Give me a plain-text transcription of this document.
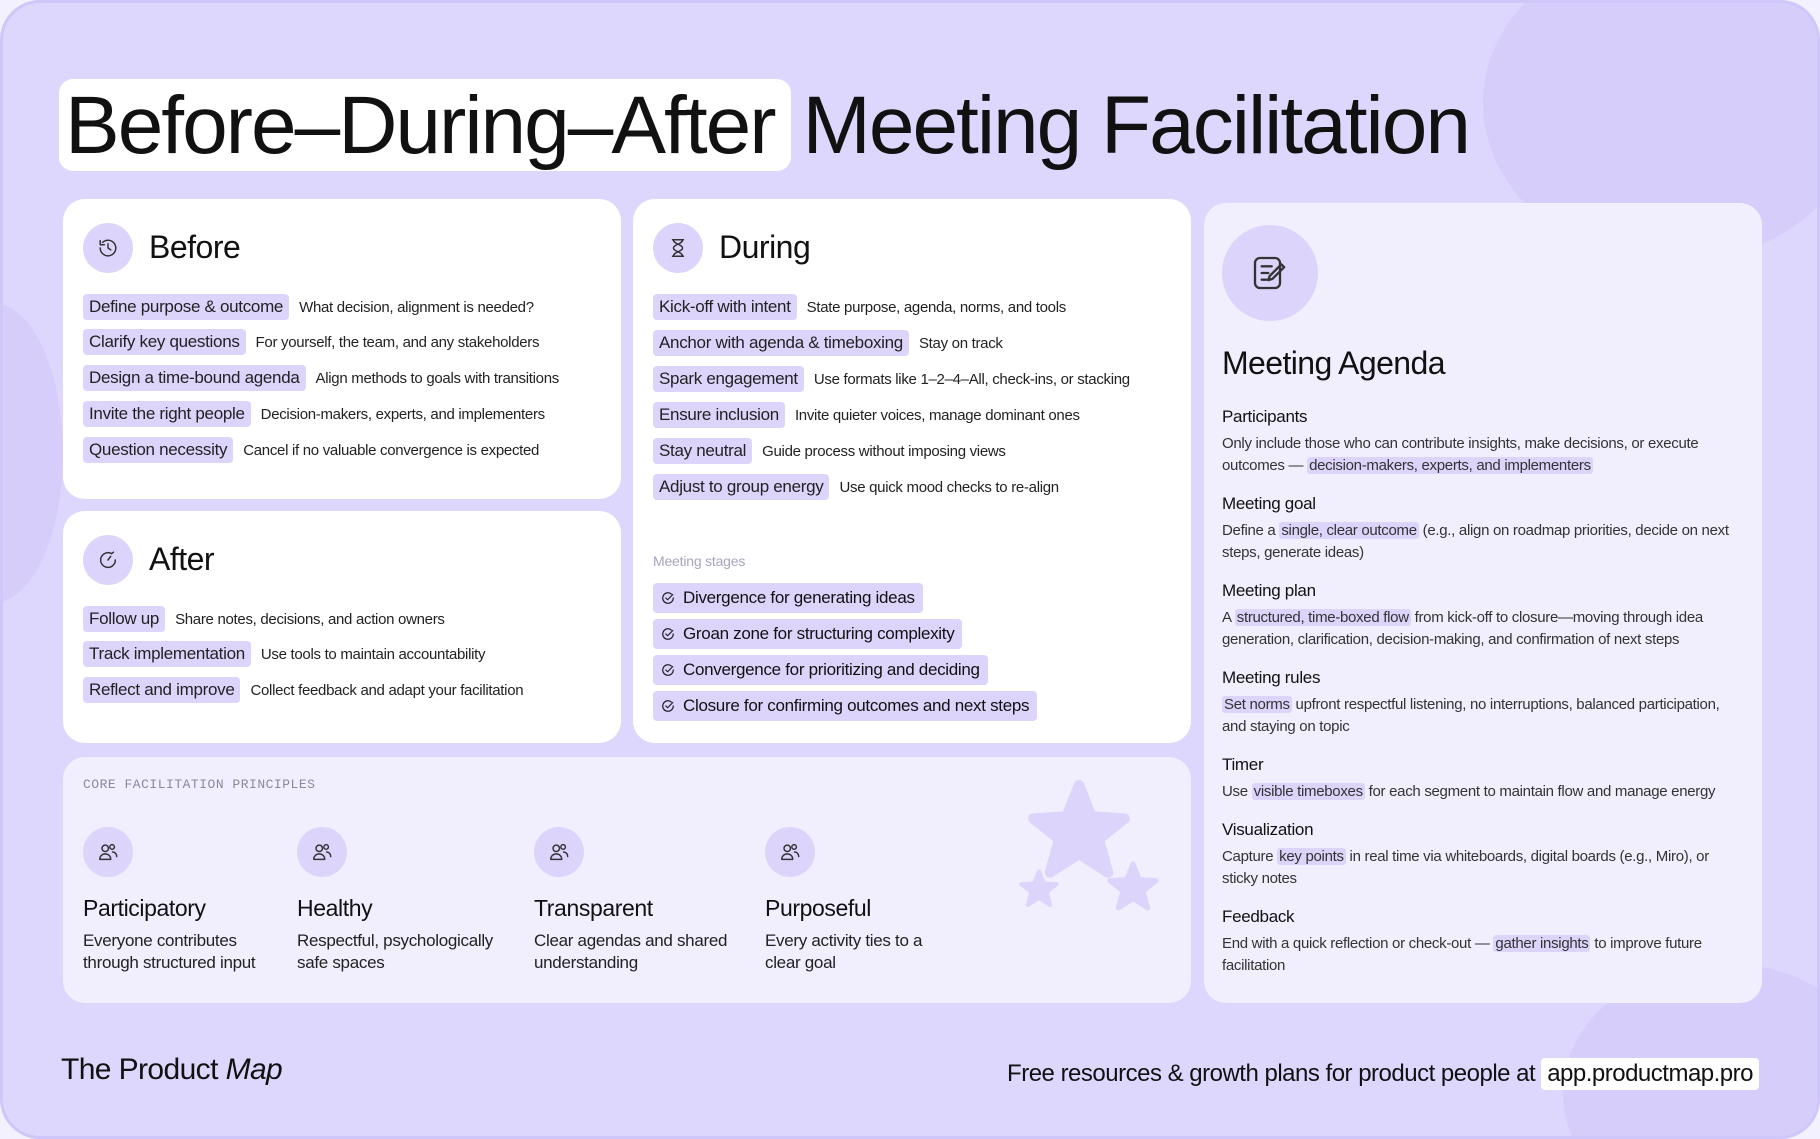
Before–During–After Meeting Facilitation
Before
Define purpose & outcome	What decision, alignment is needed?
Clarify key questions	For yourself, the team, and any stakeholders
Design a time-bound agenda	Align methods to goals with transitions
Invite the right people	Decision-makers, experts, and implementers
Question necessity	Cancel if no valuable convergence is expected
After
Follow up	Share notes, decisions, and action owners
Track implementation	Use tools to maintain accountability
Reflect and improve	Collect feedback and adapt your facilitation
During
Kick-off with intent	State purpose, agenda, norms, and tools
Anchor with agenda & timeboxing	Stay on track
Spark engagement	Use formats like 1–2–4–All, check-ins, or stacking
Ensure inclusion	Invite quieter voices, manage dominant ones
Stay neutral	Guide process without imposing views
Adjust to group energy	Use quick mood checks to re-align
Meeting stages
Divergence for generating ideas
Groan zone for structuring complexity
Convergence for prioritizing and deciding
Closure for confirming outcomes and next steps
CORE FACILITATION PRINCIPLES
Participatory
Everyone contributes through structured input
Healthy
Respectful, psychologically safe spaces
Transparent
Clear agendas and shared understanding
Purposeful
Every activity ties to a clear goal
Meeting Agenda
Participants
Only include those who can contribute insights, make decisions, or execute outcomes — decision-makers, experts, and implementers
Meeting goal
Define a single, clear outcome (e.g., align on roadmap priorities, decide on next steps, generate ideas)
Meeting plan
A structured, time-boxed flow from kick-off to closure—moving through idea generation, clarification, decision-making, and confirmation of next steps
Meeting rules
Set norms upfront respectful listening, no interruptions, balanced participation, and staying on topic
Timer
Use visible timeboxes for each segment to maintain flow and manage energy
Visualization
Capture key points in real time via whiteboards, digital boards (e.g., Miro), or sticky notes
Feedback
End with a quick reflection or check-out — gather insights to improve future facilitation
The Product Map	Free resources & growth plans for product people at app.productmap.pro
